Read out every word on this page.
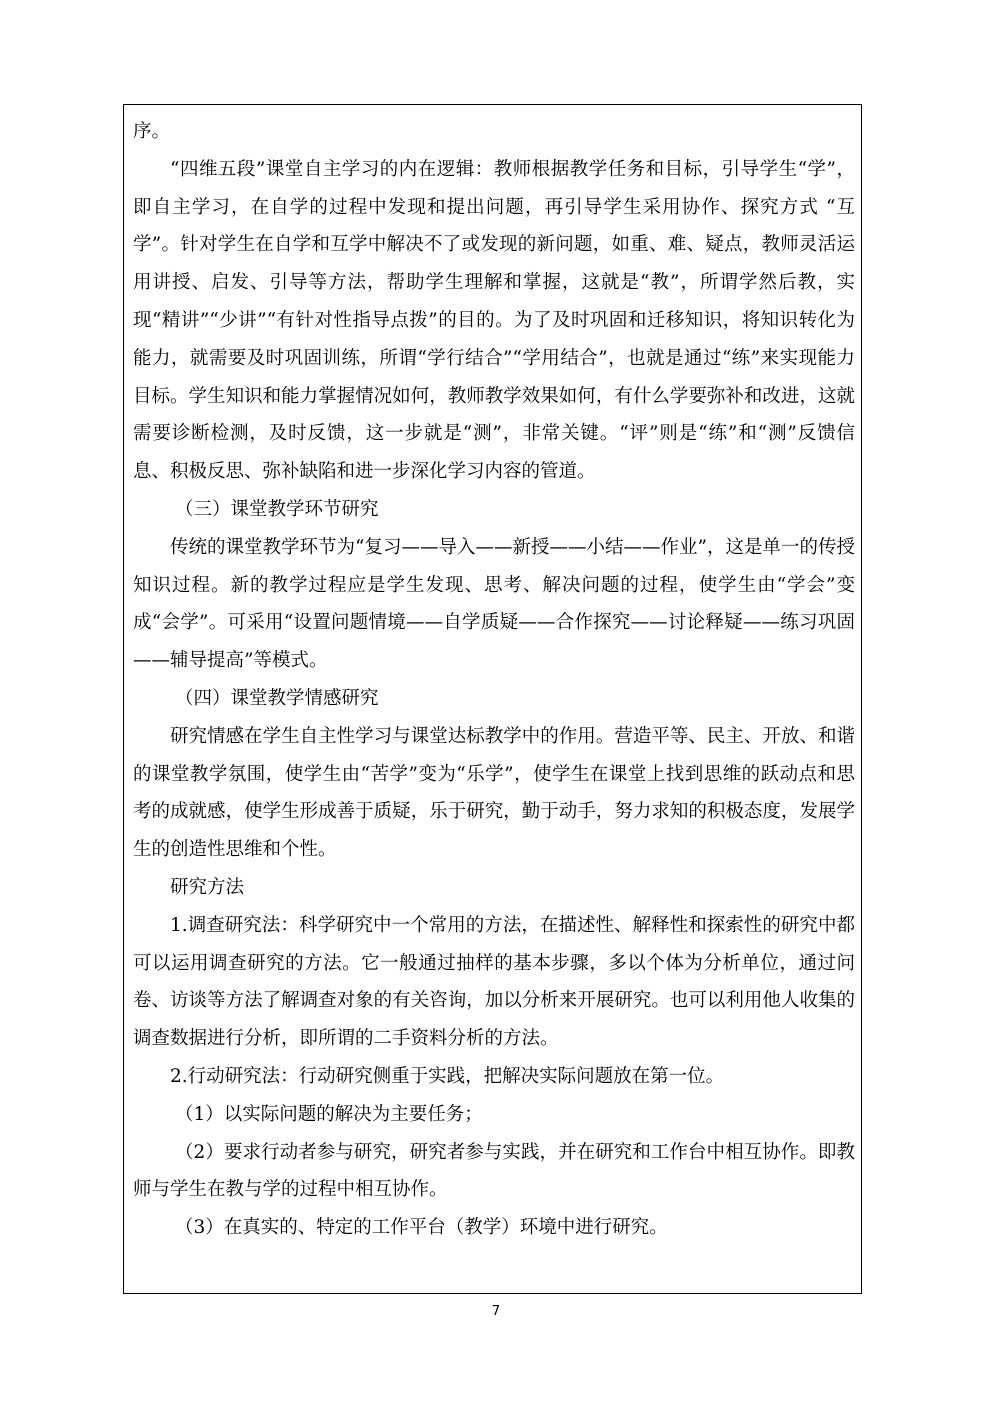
序。

“四维五段”课堂自主学习的内在逻辑：教师根据教学任务和目标，引导学生“学”，即自主学习，在自学的过程中发现和提出问题，再引导学生采用协作、探究方式 “互学”。针对学生在自学和互学中解决不了或发现的新问题，如重、难、疑点，教师灵活运用讲授、启发、引导等方法，帮助学生理解和掌握，这就是“教”，所谓学然后教，实现“精讲”“少讲”“有针对性指导点拨”的目的。为了及时巩固和迁移知识，将知识转化为能力，就需要及时巩固训练，所谓“学行结合”“学用结合”，也就是通过“练”来实现能力目标。学生知识和能力掌握情况如何，教师教学效果如何，有什么学要弥补和改进，这就需要诊断检测，及时反馈，这一步就是“测”，非常关键。“评”则是“练”和“测”反馈信息、积极反思、弥补缺陷和进一步深化学习内容的管道。

（三）课堂教学环节研究

传统的课堂教学环节为“复习——导入——新授——小结——作业”，这是单一的传授知识过程。新的教学过程应是学生发现、思考、解决问题的过程，使学生由“学会”变成“会学”。可采用“设置问题情境——自学质疑——合作探究——讨论释疑——练习巩固——辅导提高”等模式。

（四）课堂教学情感研究

研究情感在学生自主性学习与课堂达标教学中的作用。营造平等、民主、开放、和谐的课堂教学氛围，使学生由“苦学”变为“乐学”，使学生在课堂上找到思维的跃动点和思考的成就感，使学生形成善于质疑，乐于研究，勤于动手，努力求知的积极态度，发展学生的创造性思维和个性。

研究方法

1.调查研究法：科学研究中一个常用的方法，在描述性、解释性和探索性的研究中都可以运用调查研究的方法。它一般通过抽样的基本步骤，多以个体为分析单位，通过问卷、访谈等方法了解调查对象的有关咨询，加以分析来开展研究。也可以利用他人收集的调查数据进行分析，即所谓的二手资料分析的方法。

2.行动研究法：行动研究侧重于实践，把解决实际问题放在第一位。

（1）以实际问题的解决为主要任务；

（2）要求行动者参与研究，研究者参与实践，并在研究和工作台中相互协作。即教师与学生在教与学的过程中相互协作。

（3）在真实的、特定的工作平台（教学）环境中进行研究。

7
